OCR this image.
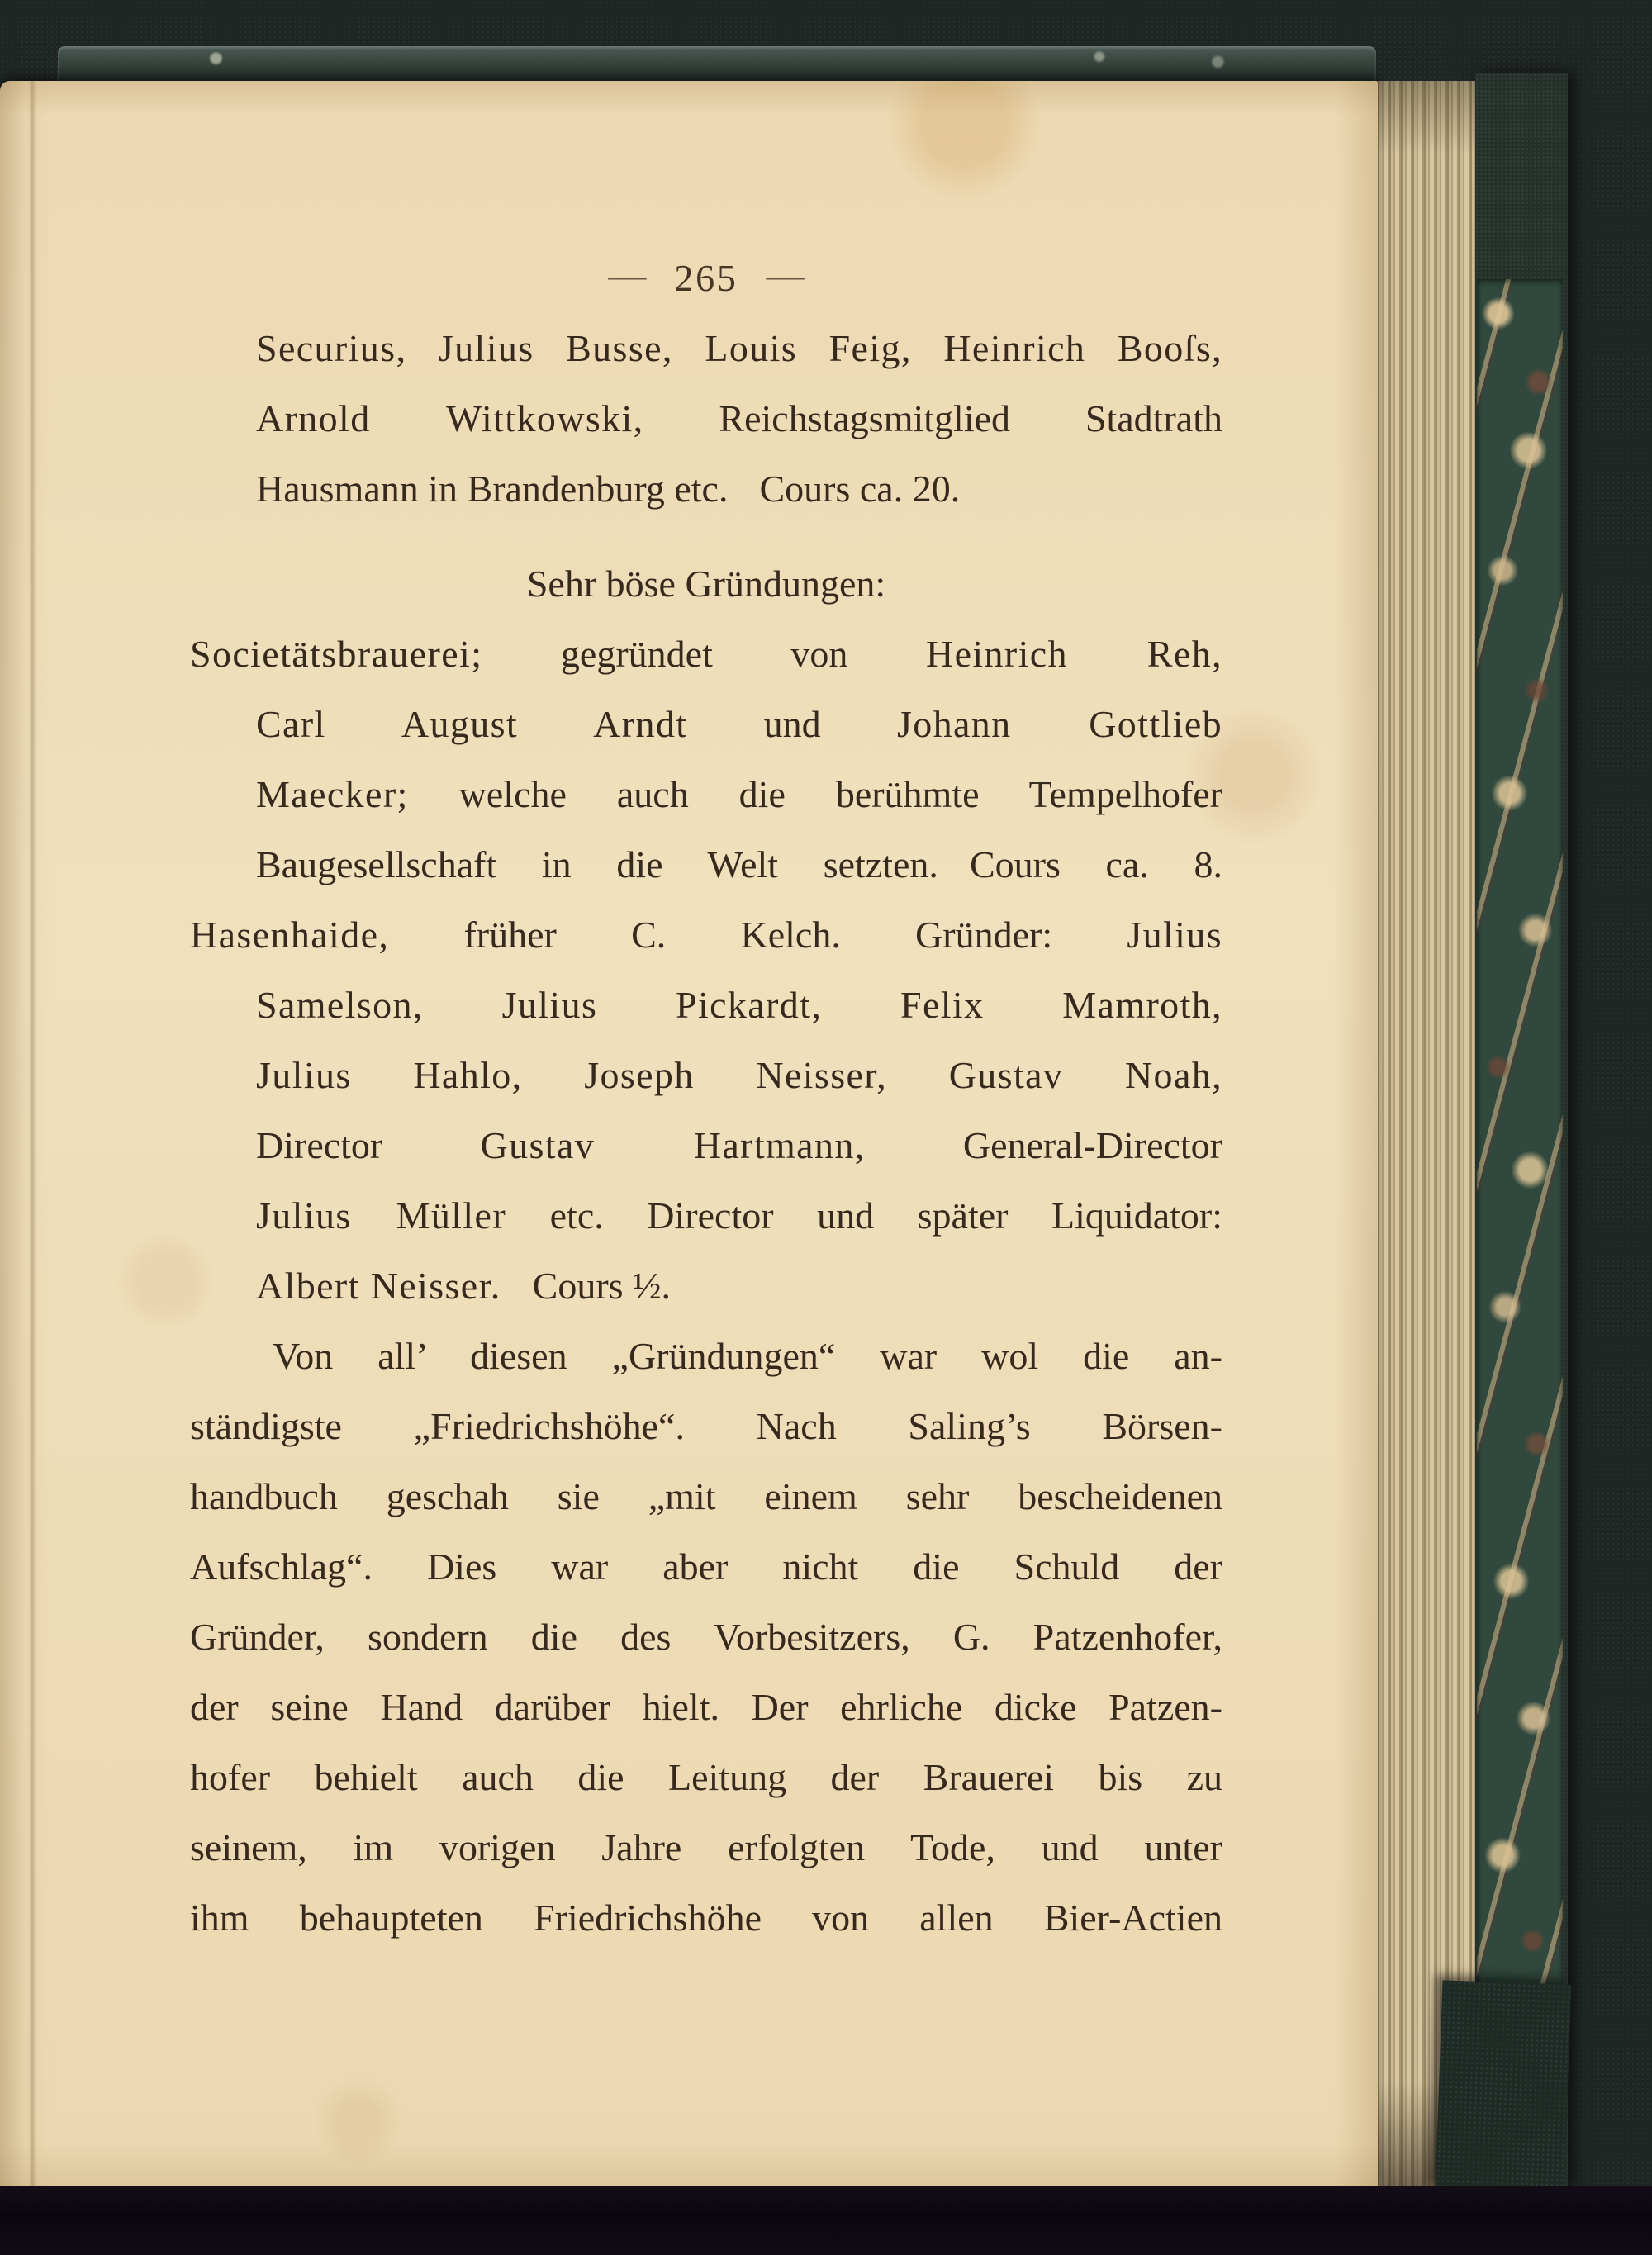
— 265 —
Securius, Julius Busse, Louis Feig, Heinrich Booſs,
Arnold Wittkowski, Reichstagsmitglied Stadtrath
Hausmann in Brandenburg etc. Cours ca. 20.
Sehr böse Gründungen:
Societätsbrauerei; gegründet von Heinrich Reh,
Carl August Arndt und Johann Gottlieb
Maecker; welche auch die berühmte Tempelhofer
Baugesellschaft in die Welt setzten. Cours ca. 8.
Hasenhaide, früher C. Kelch. Gründer: Julius
Samelson, Julius Pickardt, Felix Mamroth,
Julius Hahlo, Joseph Neisser, Gustav Noah,
Director Gustav Hartmann, General-Director
Julius Müller etc. Director und später Liquidator:
Albert Neisser. Cours ½.
Von all’ diesen „Gründungen“ war wol die an-
ständigste „Friedrichshöhe“. Nach Saling’s Börsen-
handbuch geschah sie „mit einem sehr bescheidenen
Aufschlag“. Dies war aber nicht die Schuld der
Gründer, sondern die des Vorbesitzers, G. Patzenhofer,
der seine Hand darüber hielt. Der ehrliche dicke Patzen-
hofer behielt auch die Leitung der Brauerei bis zu
seinem, im vorigen Jahre erfolgten Tode, und unter
ihm behaupteten Friedrichshöhe von allen Bier-Actien
